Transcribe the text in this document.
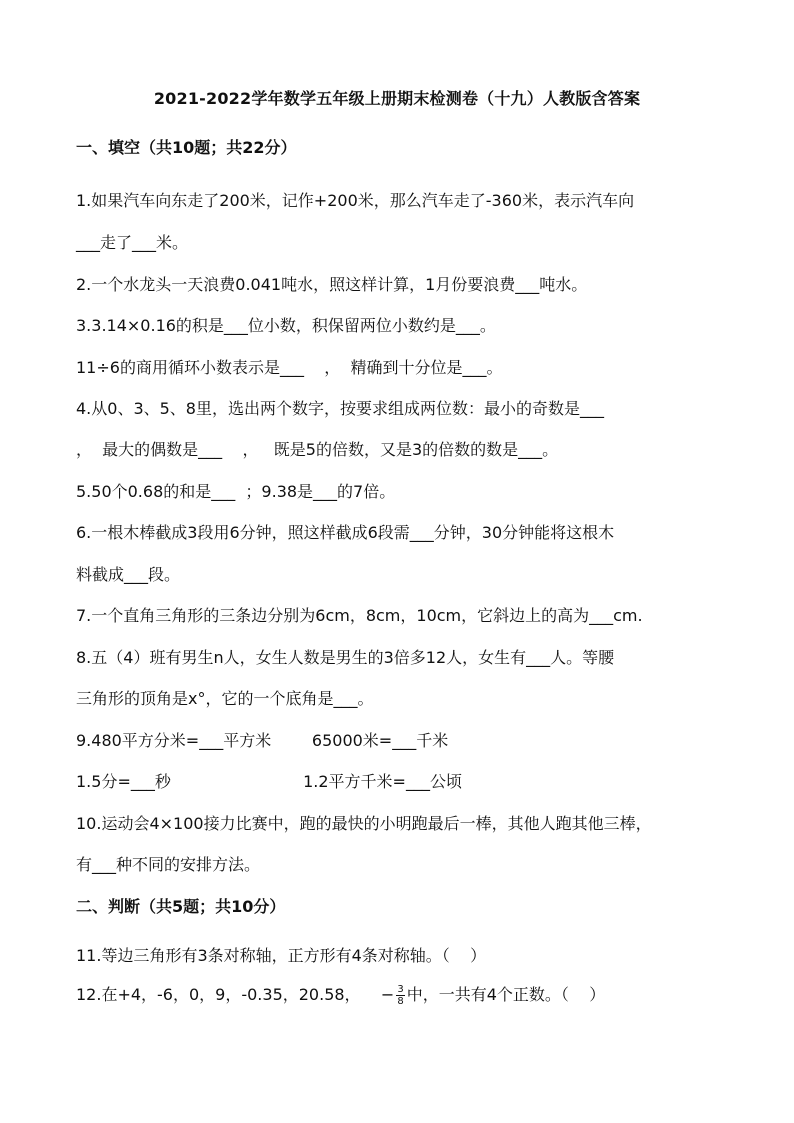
2021-2022学年数学五年级上册期末检测卷（十九）人教版含答案
一、填空（共10题；共22分）
1.如果汽车向东走了200米，记作+200米，那么汽车走了-360米，表示汽车向
___走了___米。
2.一个水龙头一天浪费0.041吨水，照这样计算，1月份要浪费___吨水。
3.3.14×0.16的积是___位小数，积保留两位小数约是___。
11÷6的商用循环小数表示是___    ，  精确到十分位是___。
4.从0、3、5、8里，选出两个数字，按要求组成两位数：最小的奇数是___
，  最大的偶数是___    ，   既是5的倍数，又是3的倍数的数是___。
5.50个0.68的和是___  ；9.38是___的7倍。
6.一根木棒截成3段用6分钟，照这样截成6段需___分钟，30分钟能将这根木
料截成___段。
7.一个直角三角形的三条边分别为6cm，8cm，10cm，它斜边上的高为___cm.
8.五（4）班有男生n人，女生人数是男生的3倍多12人，女生有___人。等腰
三角形的顶角是x°，它的一个底角是___。
9.480平方分米=___平方米        65000米=___千米
1.5分=___秒                          1.2平方千米=___公顷
10.运动会4×100接力比赛中，跑的最快的小明跑最后一棒，其他人跑其他三棒，
有___种不同的安排方法。
二、判断（共5题；共10分）
11.等边三角形有3条对称轴，正方形有4条对称轴。（    ）
12.在+4，-6，0，9，-0.35，20.58，    − $\frac{3}{8}$ 中，一共有4个正数。（    ）
